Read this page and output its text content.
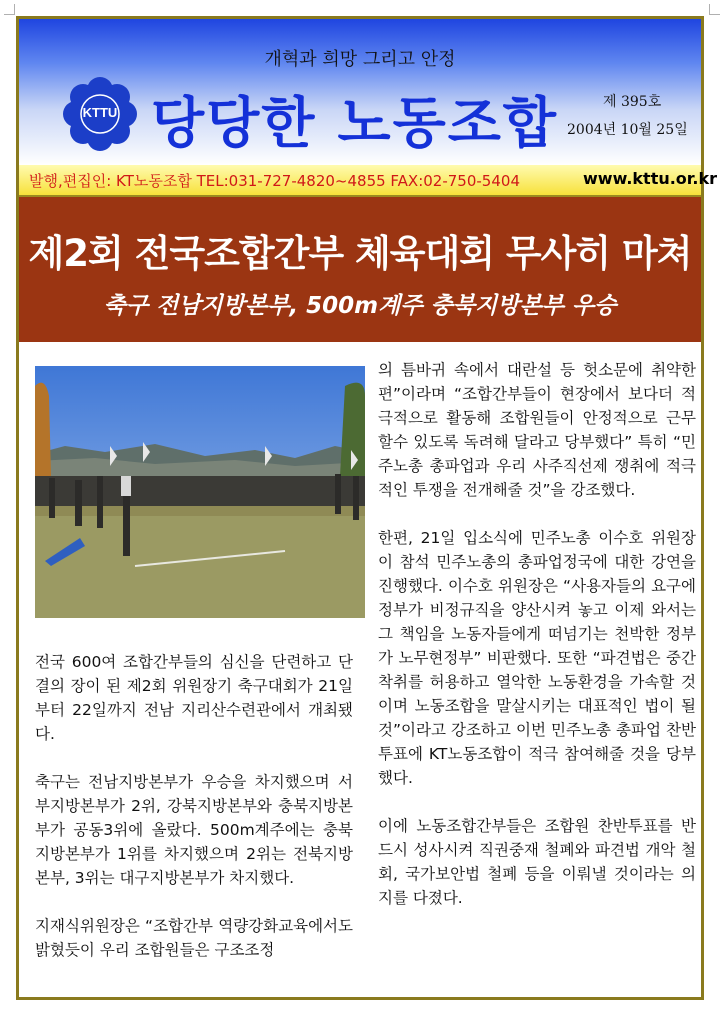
개혁과 희망 그리고 안정
KTTU 당당한 노동조합	제 395호
2004년 10월 25일
발행,편집인: KT노동조합 TEL:031-727-4820~4855 FAX:02-750-5404	www.kttu.or.kr
제2회 전국조합간부 체육대회 무사히 마쳐
축구 전남지방본부, 500m계주 충북지방본부 우승

전국 600여 조합간부들의 심신을 단련하고 단결의 장이 된 제2회 위원장기 축구대회가 21일부터 22일까지 전남 지리산수련관에서 개최됐다.

축구는 전남지방본부가 우승을 차지했으며 서부지방본부가 2위, 강북지방본부와 충북지방본부가 공동3위에 올랐다. 500m계주에는 충북지방본부가 1위를 차지했으며 2위는 전북지방본부, 3위는 대구지방본부가 차지했다.

지재식위원장은 “조합간부 역량강화교육에서도 밝혔듯이 우리 조합원들은 구조조정

의 틈바귀 속에서 대란설 등 헛소문에 취약한 편”이라며 “조합간부들이 현장에서 보다더 적극적으로 활동해 조합원들이 안정적으로 근무할수 있도록 독려해 달라고 당부했다” 특히 “민주노총 총파업과 우리 사주직선제 쟁취에 적극적인 투쟁을 전개해줄 것”을 강조했다.

한편, 21일 입소식에 민주노총 이수호 위원장이 참석 민주노총의 총파업정국에 대한 강연을 진행했다. 이수호 위원장은 “사용자들의 요구에 정부가 비정규직을 양산시켜 놓고 이제 와서는 그 책임을 노동자들에게 떠넘기는 천박한 정부가 노무현정부” 비판했다. 또한 “파견법은 중간착취를 허용하고 열악한 노동환경을 가속할 것이며 노동조합을 말살시키는 대표적인 법이 될 것”이라고 강조하고 이번 민주노총 총파업 찬반투표에 KT노동조합이 적극 참여해줄 것을 당부했다.

이에 노동조합간부들은 조합원 찬반투표를 반드시 성사시켜 직권중재 철폐와 파견법 개악 철회, 국가보안법 철폐 등을 이뤄낼 것이라는 의지를 다졌다.
